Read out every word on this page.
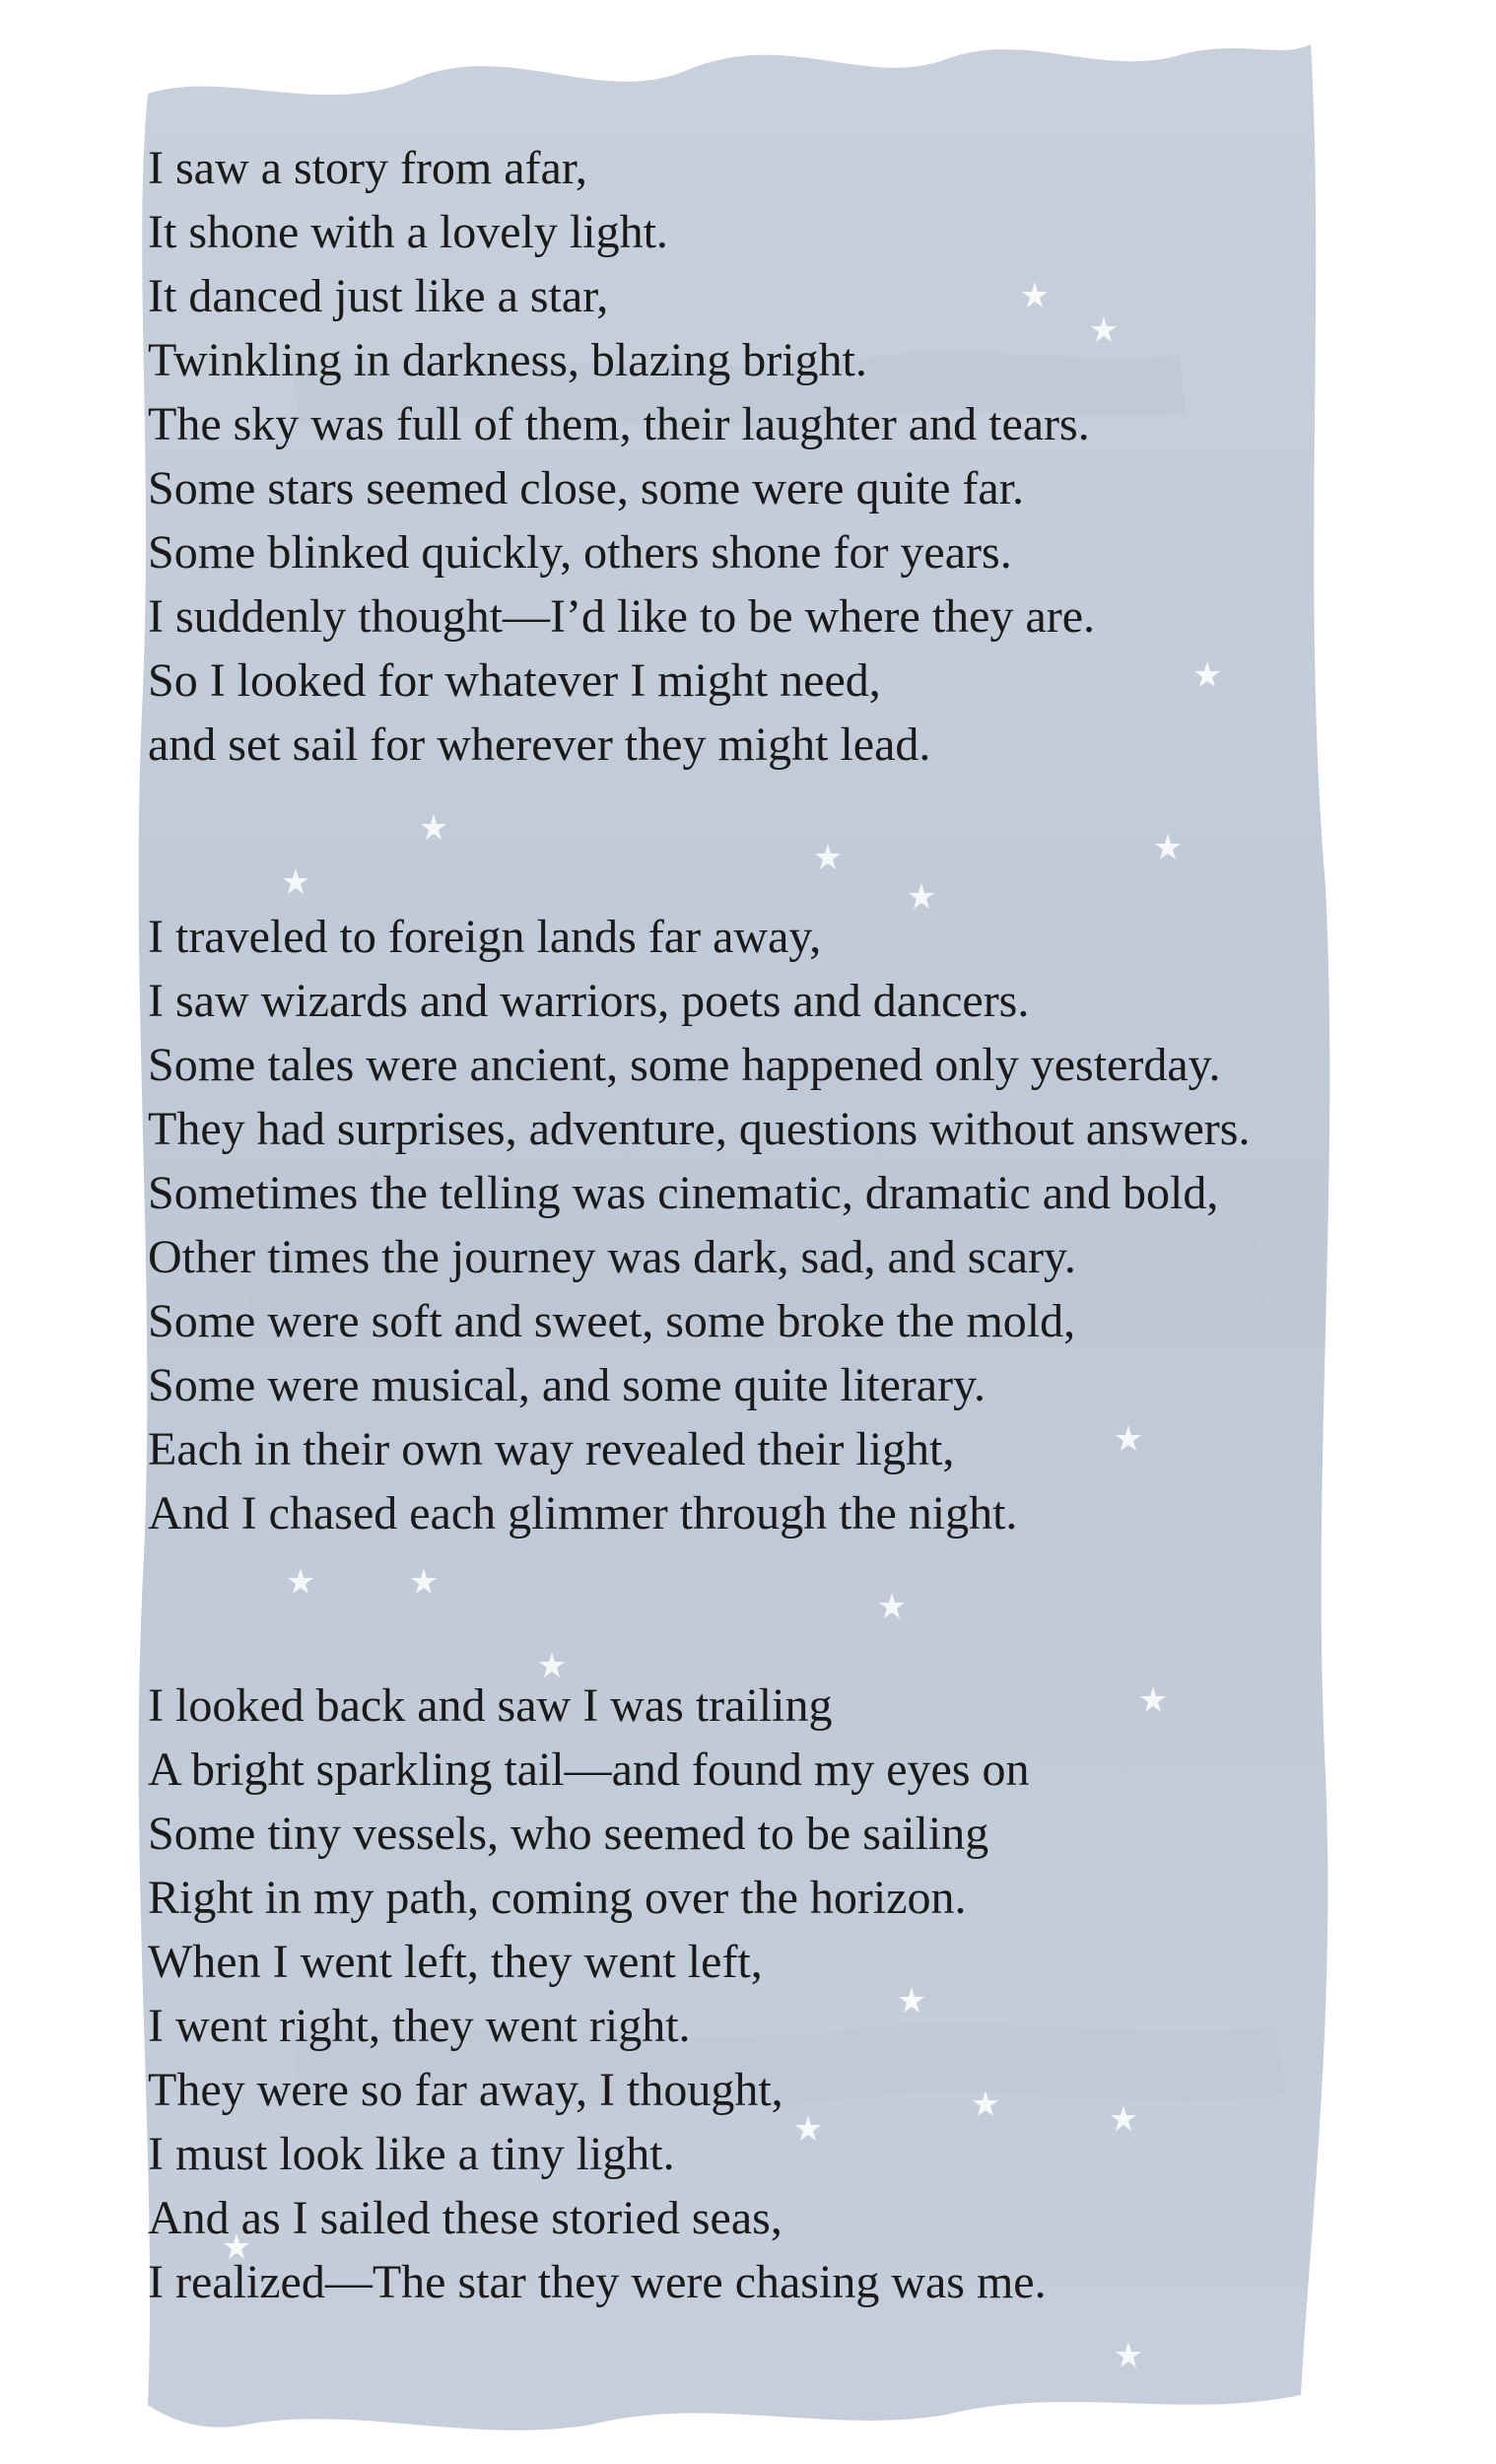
I saw a story from afar,
It shone with a lovely light.
It danced just like a star,
Twinkling in darkness, blazing bright.
The sky was full of them, their laughter and tears.
Some stars seemed close, some were quite far.
Some blinked quickly, others shone for years.
I suddenly thought—I’d like to be where they are.
So I looked for whatever I might need,
and set sail for wherever they might lead.

I traveled to foreign lands far away,
I saw wizards and warriors, poets and dancers.
Some tales were ancient, some happened only yesterday.
They had surprises, adventure, questions without answers.
Sometimes the telling was cinematic, dramatic and bold,
Other times the journey was dark, sad, and scary.
Some were soft and sweet, some broke the mold,
Some were musical, and some quite literary.
Each in their own way revealed their light,
And I chased each glimmer through the night.

I looked back and saw I was trailing
A bright sparkling tail—and found my eyes on
Some tiny vessels, who seemed to be sailing
Right in my path, coming over the horizon.
When I went left, they went left,
I went right, they went right.
They were so far away, I thought,
I must look like a tiny light.
And as I sailed these storied seas,
I realized—The star they were chasing was me.
